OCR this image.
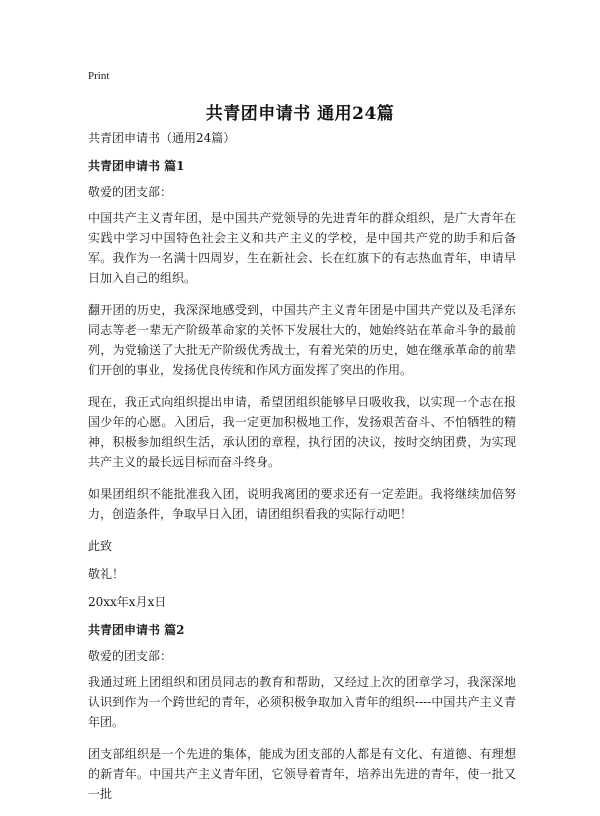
Print
共青团申请书 通用24篇

共青团申请书（通用24篇）

共青团申请书 篇1

敬爱的团支部：

中国共产主义青年团，是中国共产党领导的先进青年的群众组织，是广大青年在实践中学习中国特色社会主义和共产主义的学校，是中国共产党的助手和后备军。我作为一名满十四周岁，生在新社会、长在红旗下的有志热血青年，申请早日加入自己的组织。

翻开团的历史，我深深地感受到，中国共产主义青年团是中国共产党以及毛泽东同志等老一辈无产阶级革命家的关怀下发展壮大的，她始终站在革命斗争的最前列，为党输送了大批无产阶级优秀战士，有着光荣的历史，她在继承革命的前辈们开创的事业，发扬优良传统和作风方面发挥了突出的作用。

现在，我正式向组织提出申请，希望团组织能够早日吸收我，以实现一个志在报国少年的心愿。入团后，我一定更加积极地工作，发扬艰苦奋斗、不怕牺牲的精神，积极参加组织生活，承认团的章程，执行团的决议，按时交纳团费，为实现共产主义的最长远目标而奋斗终身。

如果团组织不能批准我入团，说明我离团的要求还有一定差距。我将继续加倍努力，创造条件，争取早日入团，请团组织看我的实际行动吧！

此致

敬礼！

20xx年x月x日

共青团申请书 篇2

敬爱的团支部：

我通过班上团组织和团员同志的教育和帮助，又经过上次的团章学习，我深深地认识到作为一个跨世纪的青年，必须积极争取加入青年的组织----中国共产主义青年团。

团支部组织是一个先进的集体，能成为团支部的人都是有文化、有道德、有理想的新青年。中国共产主义青年团，它领导着青年，培养出先进的青年，使一批又一批
